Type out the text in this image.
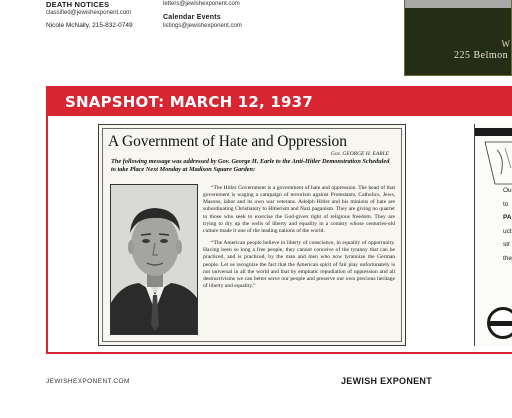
DEATH NOTICES
classified@jewishexponent.com
Nicole McNally, 215-832-0749
letters@jewishexponent.com
Calendar Events
listings@jewishexponent.com
W
225 Belmon
SNAPSHOT: MARCH 12, 1937
A Government of Hate and Oppression
Gov. GEORGE H. EARLE
The following message was addressed by Gov. George H. Earle to the Anti-Hitler Demonstration Scheduled to take Place Next Monday at Madison Square Garden:

“The Hitler Government is a government of hate and oppression. The head of that government is waging a campaign of terrorism against Protestants, Catholics, Jews, Masons, labor and its own war veterans. Adolph Hitler and his minions of hate are subordinating Christianity to Hitlerism and Nazi paganism. They are giving no quarter to those who seek to exercise the God-given right of religious freedom. They are trying to dry up the wells of liberty and equality in a country whose centuries-old culture made it one of the leading nations of the world.

“The American people believe in liberty of conscience, in equality of opportunity. Having been so long a free people, they cannot conceive of the tyranny that can be practiced, and is practiced, by the man and men who now tyrannize the German people. Let us recognize the fact that the American spirit of fair play unfortunately is not universal in all the world and that by emphatic repudiation of oppression and all destructivisms we can better serve our people and preserve our own precious heritage of liberty and equality.”

Ou
to
PA
uct
str
the
JEWISHEXPONENT.COM	JEWISH EXPONENT
